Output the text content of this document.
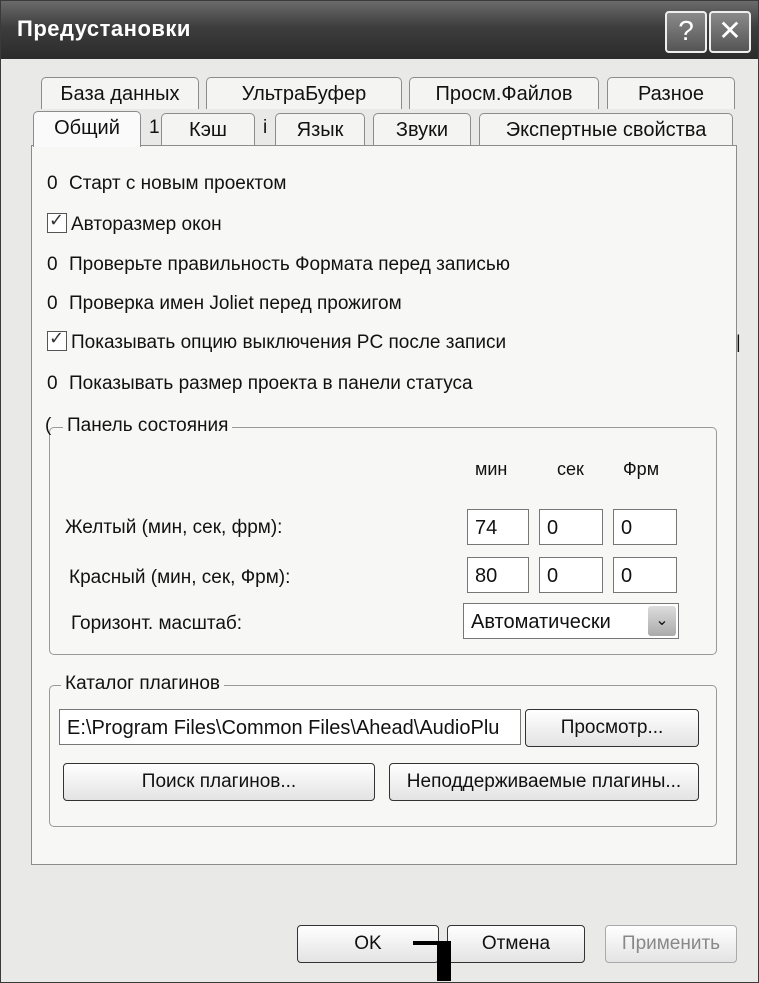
Предустановки	? ✕
База данных	УльтраБуфер	Просм.Файлов	Разное
Общий	1	Кэш	i	Язык	Звуки	Экспертные свойства
|
0 Старт с новым проектом
✓Авторазмер окон
0 Проверьте правильность Формата перед записью
0 Проверка имен Joliet перед прожигом
✓Показывать опцию выключения PC после записи
0 Показывать размер проекта в панели статуса
( Панель состояния
мин	сек Фрм
Желтый (мин, сек, фрм):	74	0	0
Красный (мин, сек, Фрм):	80	0	0
Горизонт. масштаб:	Автоматически	⌄
Каталог плагинов
E:\Program Files\Common Files\Ahead\AudioPlu	Просмотр...
Поиск плагинов...	Неподдерживаемые плагины...
OK	Отмена	Применить
